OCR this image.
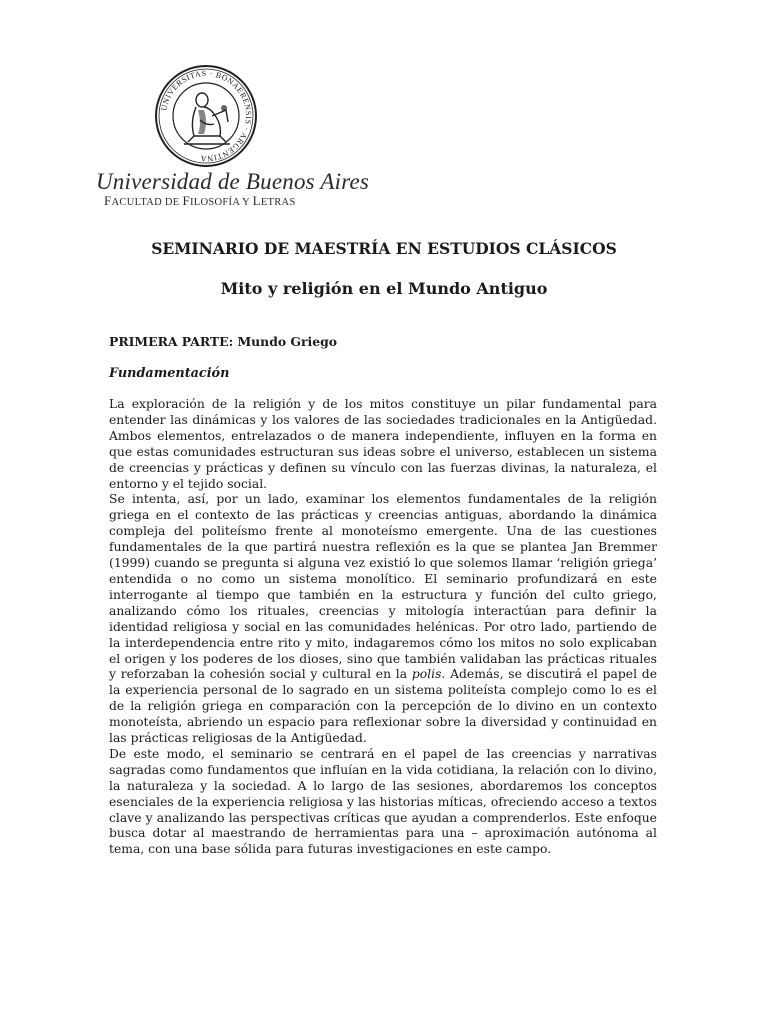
UNIVERSITAS · BONAERENSIS · ARGENTINA
Universidad de Buenos Aires
FACULTAD DE FILOSOFÍA Y LETRAS
SEMINARIO DE MAESTRÍA EN ESTUDIOS CLÁSICOS
Mito y religión en el Mundo Antiguo
PRIMERA PARTE: Mundo Griego
Fundamentación

La exploración de la religión y de los mitos constituye un pilar fundamental para entender las dinámicas y los valores de las sociedades tradicionales en la Antigüedad. Ambos elementos, entrelazados o de manera independiente, influyen en la forma en que estas comunidades estructuran sus ideas sobre el universo, establecen un sistema de creencias y prácticas y definen su vínculo con las fuerzas divinas, la naturaleza, el entorno y el tejido social.

Se intenta, así, por un lado, examinar los elementos fundamentales de la religión griega en el contexto de las prácticas y creencias antiguas, abordando la dinámica compleja del politeísmo frente al monoteísmo emergente. Una de las cuestiones fundamentales de la que partirá nuestra reflexión es la que se plantea Jan Bremmer (1999) cuando se pregunta si alguna vez existió lo que solemos llamar ‘religión griega’ entendida o no como un sistema monolítico. El seminario profundizará en este interrogante al tiempo que también en la estructura y función del culto griego, analizando cómo los rituales, creencias y mitología interactúan para definir la identidad religiosa y social en las comunidades helénicas. Por otro lado, partiendo de la interdependencia entre rito y mito, indagaremos cómo los mitos no solo explicaban el origen y los poderes de los dioses, sino que también validaban las prácticas rituales y reforzaban la cohesión social y cultural en la polis. Además, se discutirá el papel de la experiencia personal de lo sagrado en un sistema politeísta complejo como lo es el de la religión griega en comparación con la percepción de lo divino en un contexto monoteísta, abriendo un espacio para reflexionar sobre la diversidad y continuidad en las prácticas religiosas de la Antigüedad.

De este modo, el seminario se centrará en el papel de las creencias y narrativas sagradas como fundamentos que influían en la vida cotidiana, la relación con lo divino, la naturaleza y la sociedad. A lo largo de las sesiones, abordaremos los conceptos esenciales de la experiencia religiosa y las historias míticas, ofreciendo acceso a textos clave y analizando las perspectivas críticas que ayudan a comprenderlos. Este enfoque busca dotar al maestrando de herramientas para una – aproximación autónoma al tema, con una base sólida para futuras investigaciones en este campo.
